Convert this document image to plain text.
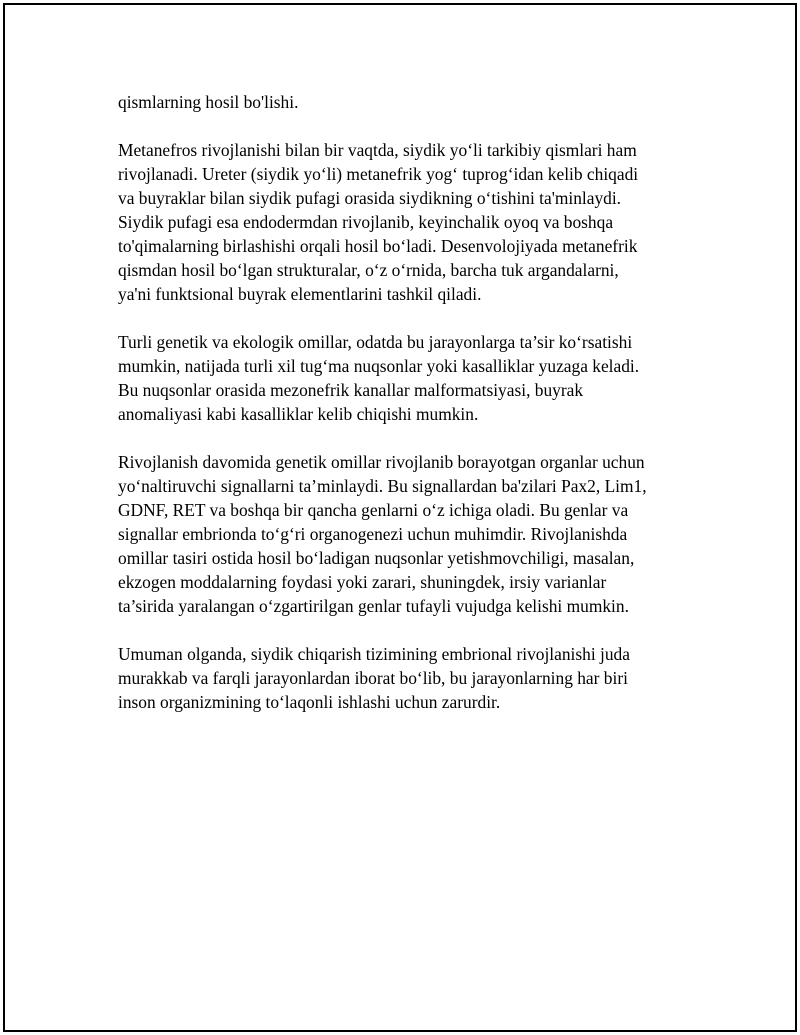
qismlarning hosil bo'lishi.

Metanefros rivojlanishi bilan bir vaqtda, siydik yo‘li tarkibiy qismlari ham
rivojlanadi. Ureter (siydik yo‘li) metanefrik yog‘ tuprog‘idan kelib chiqadi
va buyraklar bilan siydik pufagi orasida siydikning o‘tishini ta'minlaydi.
Siydik pufagi esa endodermdan rivojlanib, keyinchalik oyoq va boshqa
to'qimalarning birlashishi orqali hosil bo‘ladi. Desenvolojiyada metanefrik
qismdan hosil bo‘lgan strukturalar, o‘z o‘rnida, barcha tuk argandalarni,
ya'ni funktsional buyrak elementlarini tashkil qiladi.

Turli genetik va ekologik omillar, odatda bu jarayonlarga ta’sir ko‘rsatishi
mumkin, natijada turli xil tug‘ma nuqsonlar yoki kasalliklar yuzaga keladi.
Bu nuqsonlar orasida mezonefrik kanallar malformatsiyasi, buyrak
anomaliyasi kabi kasalliklar kelib chiqishi mumkin.

Rivojlanish davomida genetik omillar rivojlanib borayotgan organlar uchun
yo‘naltiruvchi signallarni ta’minlaydi. Bu signallardan ba'zilari Pax2, Lim1,
GDNF, RET va boshqa bir qancha genlarni o‘z ichiga oladi. Bu genlar va
signallar embrionda to‘g‘ri organogenezi uchun muhimdir. Rivojlanishda
omillar tasiri ostida hosil bo‘ladigan nuqsonlar yetishmovchiligi, masalan,
ekzogen moddalarning foydasi yoki zarari, shuningdek, irsiy varianlar
ta’sirida yaralangan o‘zgartirilgan genlar tufayli vujudga kelishi mumkin.

Umuman olganda, siydik chiqarish tizimining embrional rivojlanishi juda
murakkab va farqli jarayonlardan iborat bo‘lib, bu jarayonlarning har biri
inson organizmining to‘laqonli ishlashi uchun zarurdir.
